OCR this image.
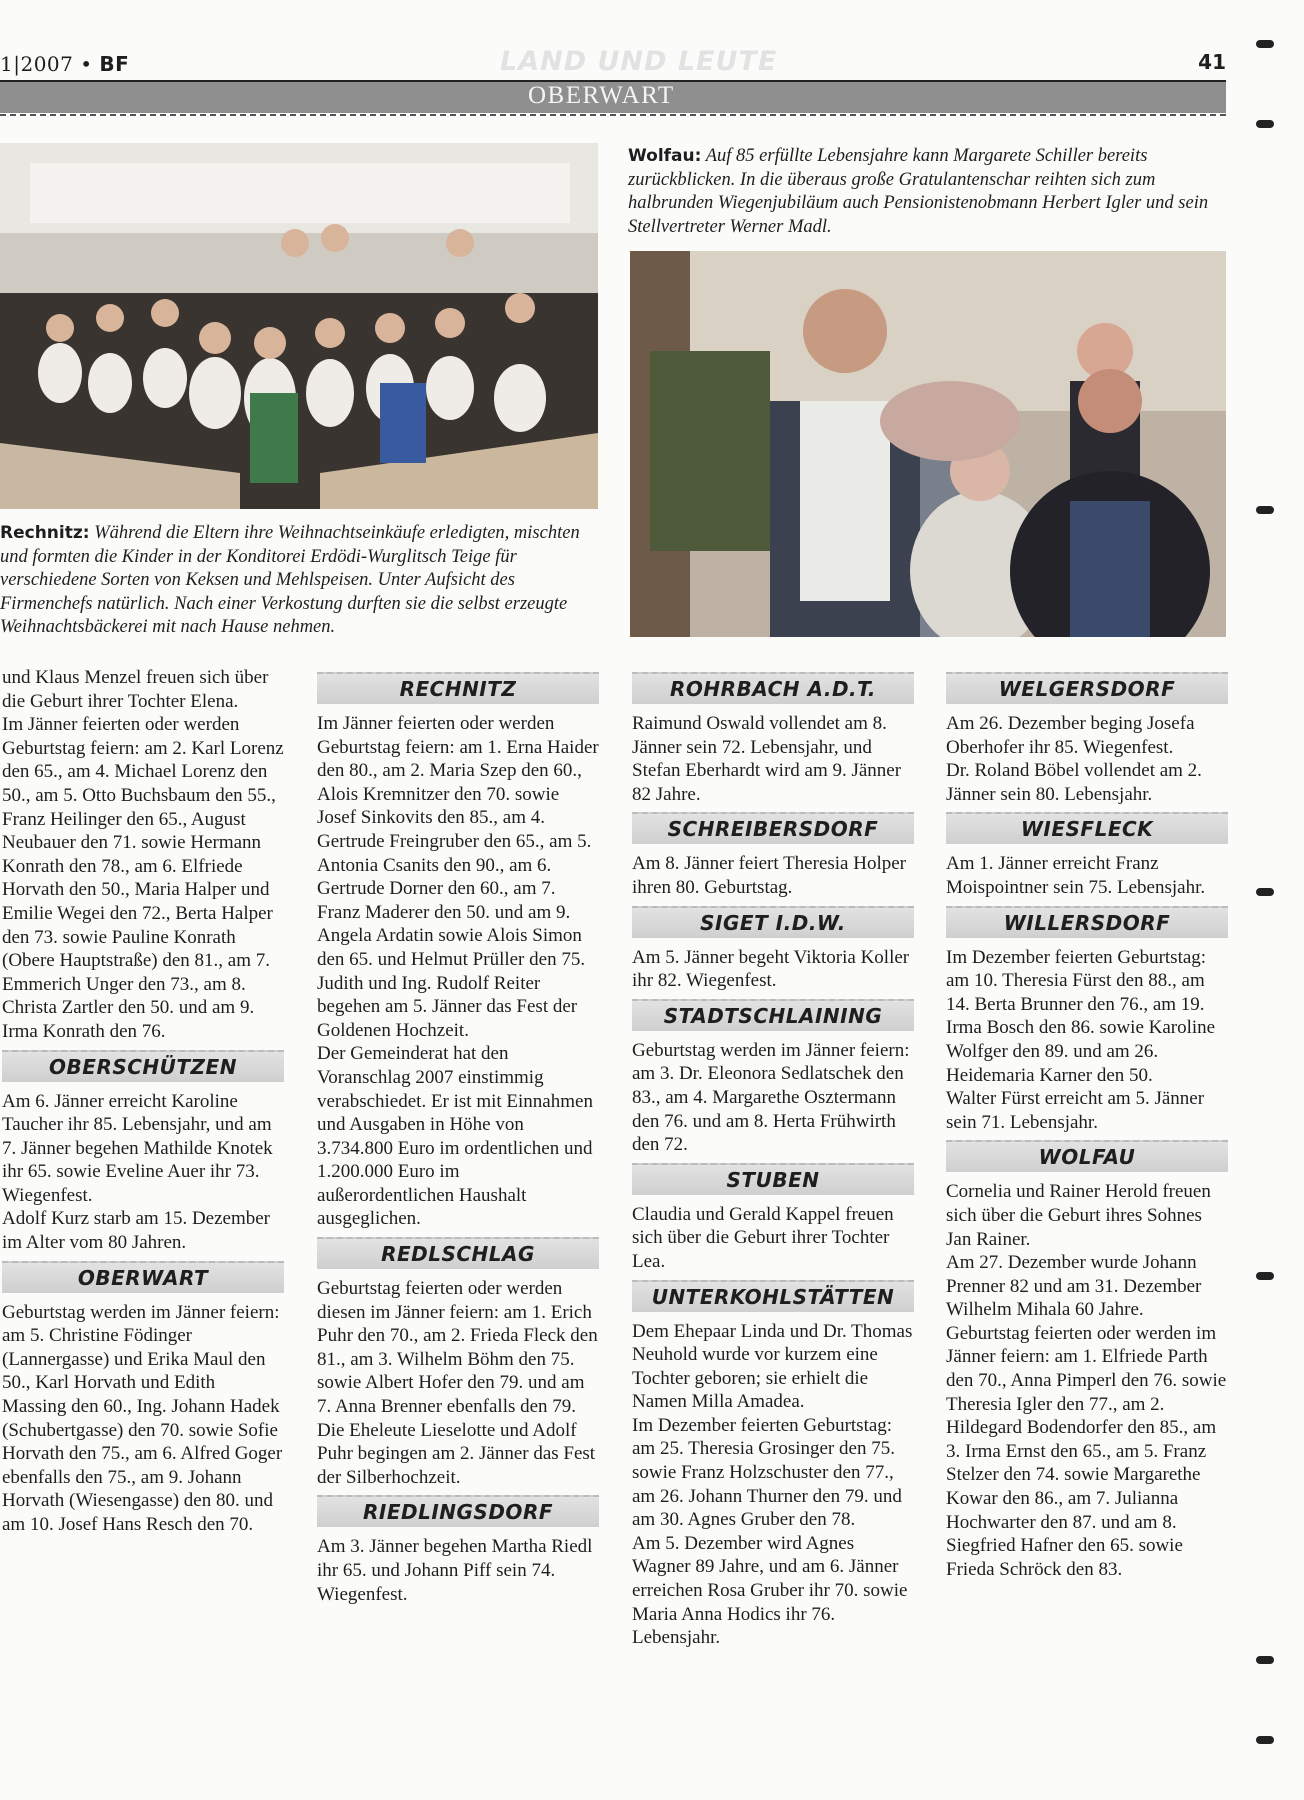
1|2007 • BF	LAND UND LEUTE	41
OBERWART
Rechnitz: Während die Eltern ihre Weihnachtseinkäufe erledigten, mischten und formten die Kinder in der Konditorei Erdödi-Wurglitsch Teige für verschiedene Sorten von Keksen und Mehlspeisen. Unter Aufsicht des Firmenchefs natürlich. Nach einer Verkostung durften sie die selbst erzeugte Weihnachtsbäckerei mit nach Hause nehmen.
Wolfau: Auf 85 erfüllte Lebensjahre kann Margarete Schiller bereits zurückblicken. In die überaus große Gratulantenschar reihten sich zum halbrunden Wiegenjubiläum auch Pensionistenobmann Herbert Igler und sein Stellvertreter Werner Madl.

und Klaus Menzel freuen sich über die Geburt ihrer Tochter Elena.

Im Jänner feierten oder werden Geburtstag feiern: am 2. Karl Lorenz den 65., am 4. Michael Lorenz den 50., am 5. Otto Buchsbaum den 55., Franz Heilinger den 65., August Neubauer den 71. sowie Hermann Konrath den 78., am 6. Elfriede Horvath den 50., Maria Halper und Emilie Wegei den 72., Berta Halper den 73. sowie Pauline Konrath (Obere Hauptstraße) den 81., am 7. Emmerich Unger den 73., am 8. Christa Zartler den 50. und am 9. Irma Konrath den 76.

OBERSCHÜTZEN

Am 6. Jänner erreicht Karoline Taucher ihr 85. Lebensjahr, und am 7. Jänner begehen Mathilde Knotek ihr 65. sowie Eveline Auer ihr 73. Wiegenfest.

Adolf Kurz starb am 15. Dezember im Alter vom 80 Jahren.

OBERWART

Geburtstag werden im Jänner feiern: am 5. Christine Födinger (Lannergasse) und Erika Maul den 50., Karl Horvath und Edith Massing den 60., Ing. Johann Hadek (Schubertgasse) den 70. sowie Sofie Horvath den 75., am 6. Alfred Goger ebenfalls den 75., am 9. Johann Horvath (Wiesengasse) den 80. und am 10. Josef Hans Resch den 70.

RECHNITZ

Im Jänner feierten oder werden Geburtstag feiern: am 1. Erna Haider den 80., am 2. Maria Szep den 60., Alois Kremnitzer den 70. sowie Josef Sinkovits den 85., am 4. Gertrude Freingruber den 65., am 5. Antonia Csanits den 90., am 6. Gertrude Dorner den 60., am 7. Franz Maderer den 50. und am 9. Angela Ardatin sowie Alois Simon den 65. und Helmut Prüller den 75.

Judith und Ing. Rudolf Reiter begehen am 5. Jänner das Fest der Goldenen Hochzeit.

Der Gemeinderat hat den Voranschlag 2007 einstimmig verabschiedet. Er ist mit Einnahmen und Ausgaben in Höhe von 3.734.800 Euro im ordentlichen und 1.200.000 Euro im außerordentlichen Haushalt ausgeglichen.

REDLSCHLAG

Geburtstag feierten oder werden diesen im Jänner feiern: am 1. Erich Puhr den 70., am 2. Frieda Fleck den 81., am 3. Wilhelm Böhm den 75. sowie Albert Hofer den 79. und am 7. Anna Brenner ebenfalls den 79.

Die Eheleute Lieselotte und Adolf Puhr begingen am 2. Jänner das Fest der Silberhochzeit.

RIEDLINGSDORF

Am 3. Jänner begehen Martha Riedl ihr 65. und Johann Piff sein 74. Wiegenfest.

ROHRBACH A.D.T.

Raimund Oswald vollendet am 8. Jänner sein 72. Lebensjahr, und Stefan Eberhardt wird am 9. Jänner 82 Jahre.

SCHREIBERSDORF

Am 8. Jänner feiert Theresia Holper ihren 80. Geburtstag.

SIGET I.D.W.

Am 5. Jänner begeht Viktoria Koller ihr 82. Wiegenfest.

STADTSCHLAINING

Geburtstag werden im Jänner feiern: am 3. Dr. Eleonora Sedlatschek den 83., am 4. Margarethe Osztermann den 76. und am 8. Herta Frühwirth den 72.

STUBEN

Claudia und Gerald Kappel freuen sich über die Geburt ihrer Tochter Lea.

UNTERKOHLSTÄTTEN

Dem Ehepaar Linda und Dr. Thomas Neuhold wurde vor kurzem eine Tochter geboren; sie erhielt die Namen Milla Amadea.

Im Dezember feierten Geburtstag: am 25. Theresia Grosinger den 75. sowie Franz Holzschuster den 77., am 26. Johann Thurner den 79. und am 30. Agnes Gruber den 78.

Am 5. Dezember wird Agnes Wagner 89 Jahre, und am 6. Jänner erreichen Rosa Gruber ihr 70. sowie Maria Anna Hodics ihr 76. Lebensjahr.

WELGERSDORF

Am 26. Dezember beging Josefa Oberhofer ihr 85. Wiegenfest.

Dr. Roland Böbel vollendet am 2. Jänner sein 80. Lebensjahr.

WIESFLECK

Am 1. Jänner erreicht Franz Moispointner sein 75. Lebensjahr.

WILLERSDORF

Im Dezember feierten Geburtstag: am 10. Theresia Fürst den 88., am 14. Berta Brunner den 76., am 19. Irma Bosch den 86. sowie Karoline Wolfger den 89. und am 26. Heidemaria Karner den 50.

Walter Fürst erreicht am 5. Jänner sein 71. Lebensjahr.

WOLFAU

Cornelia und Rainer Herold freuen sich über die Geburt ihres Sohnes Jan Rainer.

Am 27. Dezember wurde Johann Prenner 82 und am 31. Dezember Wilhelm Mihala 60 Jahre.

Geburtstag feierten oder werden im Jänner feiern: am 1. Elfriede Parth den 70., Anna Pimperl den 76. sowie Theresia Igler den 77., am 2. Hildegard Bodendorfer den 85., am 3. Irma Ernst den 65., am 5. Franz Stelzer den 74. sowie Margarethe Kowar den 86., am 7. Julianna Hochwarter den 87. und am 8. Siegfried Hafner den 65. sowie Frieda Schröck den 83.
